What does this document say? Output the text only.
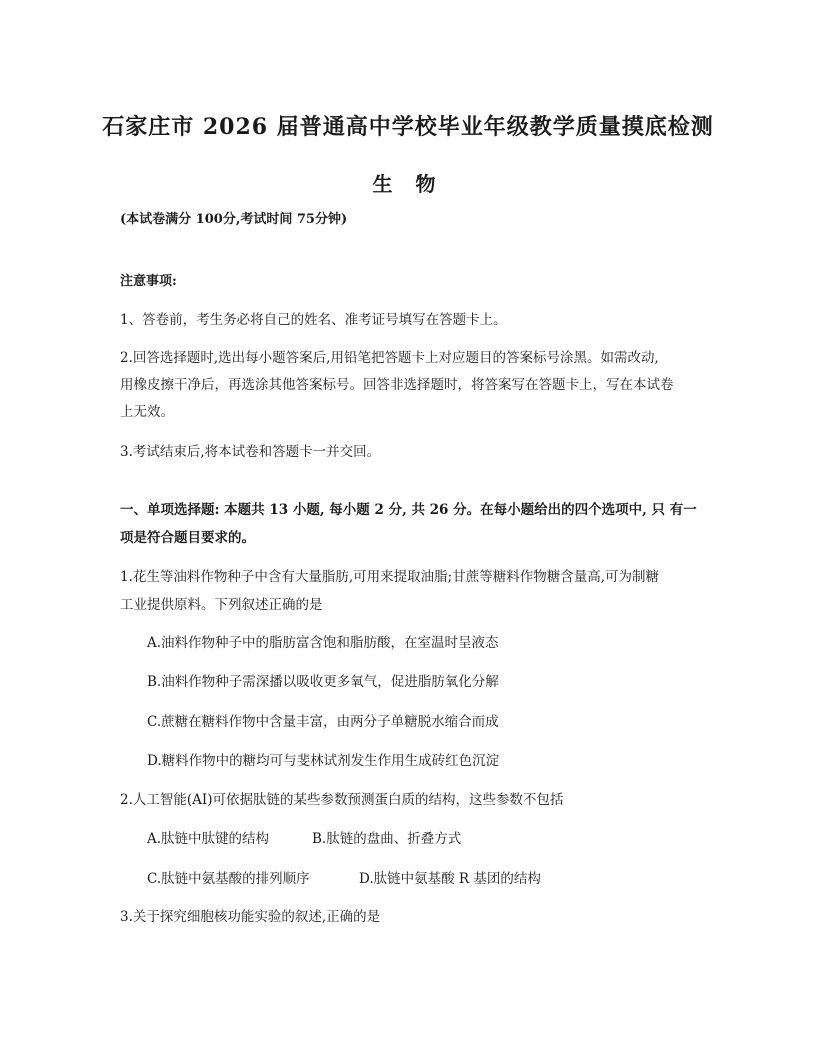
石家庄市 2026 届普通高中学校毕业年级教学质量摸底检测
生 物
(本试卷满分 100分,考试时间 75分钟)
注意事项:
1、答卷前，考生务必将自己的姓名、准考证号填写在答题卡上。
2.回答选择题时,选出每小题答案后,用铅笔把答题卡上对应题目的答案标号涂黑。如需改动,
用橡皮擦干净后，再选涂其他答案标号。回答非选择题时，将答案写在答题卡上，写在本试卷
上无效。
3.考试结束后,将本试卷和答题卡一并交回。
一、单项选择题: 本题共 13 小题, 每小题 2 分, 共 26 分。在每小题给出的四个选项中, 只 有一
项是符合题目要求的。
1.花生等油料作物种子中含有大量脂肪,可用来提取油脂;甘蔗等糖料作物糖含量高,可为制糖
工业提供原料。下列叙述正确的是
A.油料作物种子中的脂肪富含饱和脂肪酸，在室温时呈液态
B.油料作物种子需深播以吸收更多氧气，促进脂肪氧化分解
C.蔗糖在糖料作物中含量丰富，由两分子单糖脱水缩合而成
D.糖料作物中的糖均可与斐林试剂发生作用生成砖红色沉淀
2.人工智能(AI)可依据肽链的某些参数预测蛋白质的结构，这些参数不包括
A.肽链中肽键的结构	B.肽链的盘曲、折叠方式
C.肽链中氨基酸的排列顺序	D.肽链中氨基酸 R 基团的结构
3.关于探究细胞核功能实验的叙述,正确的是
